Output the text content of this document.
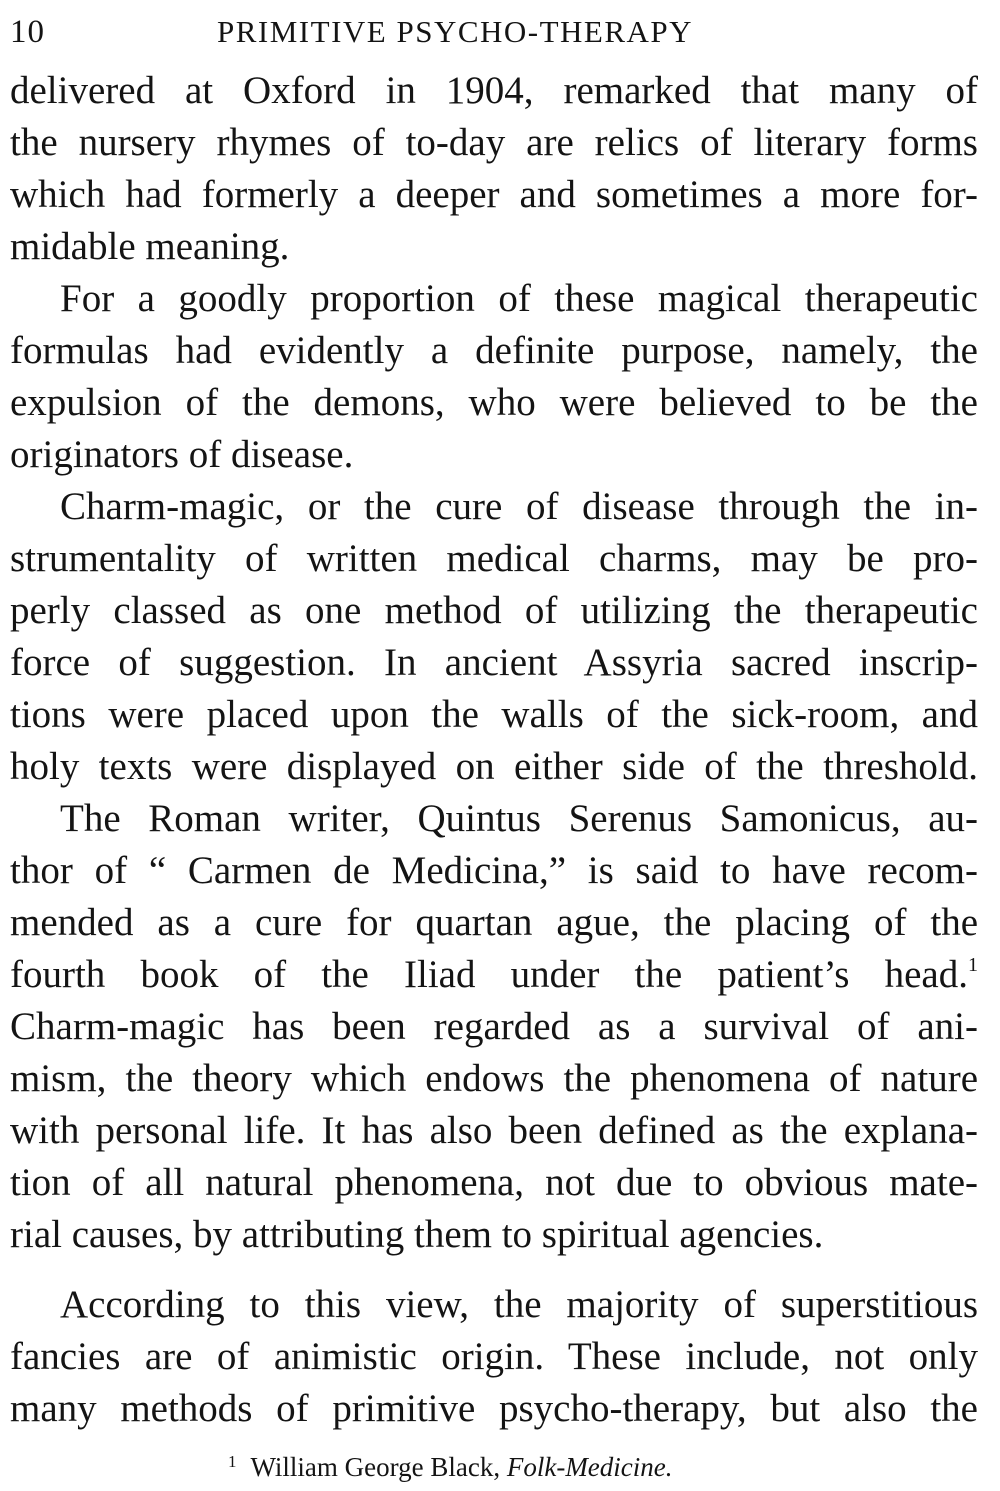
10	PRIMITIVE PSYCHO-THERAPY
delivered at Oxford in 1904, remarked that many of
the nursery rhymes of to-day are relics of literary forms
which had formerly a deeper and sometimes a more for-
midable meaning.
For a goodly proportion of these magical therapeutic
formulas had evidently a definite purpose, namely, the
expulsion of the demons, who were believed to be the
originators of disease.
Charm-magic, or the cure of disease through the in-
strumentality of written medical charms, may be pro-
perly classed as one method of utilizing the therapeutic
force of suggestion. In ancient Assyria sacred inscrip-
tions were placed upon the walls of the sick-room, and
holy texts were displayed on either side of the threshold.
The Roman writer, Quintus Serenus Samonicus, au-
thor of “ Carmen de Medicina,” is said to have recom-
mended as a cure for quartan ague, the placing of the
fourth book of the Iliad under the patient’s head.$^1$
Charm-magic has been regarded as a survival of ani-
mism, the theory which endows the phenomena of nature
with personal life. It has also been defined as the explana-
tion of all natural phenomena, not due to obvious mate-
rial causes, by attributing them to spiritual agencies.
According to this view, the majority of superstitious
fancies are of animistic origin. These include, not only
many methods of primitive psycho-therapy, but also the
$^1$ William George Black, Folk-Medicine.
